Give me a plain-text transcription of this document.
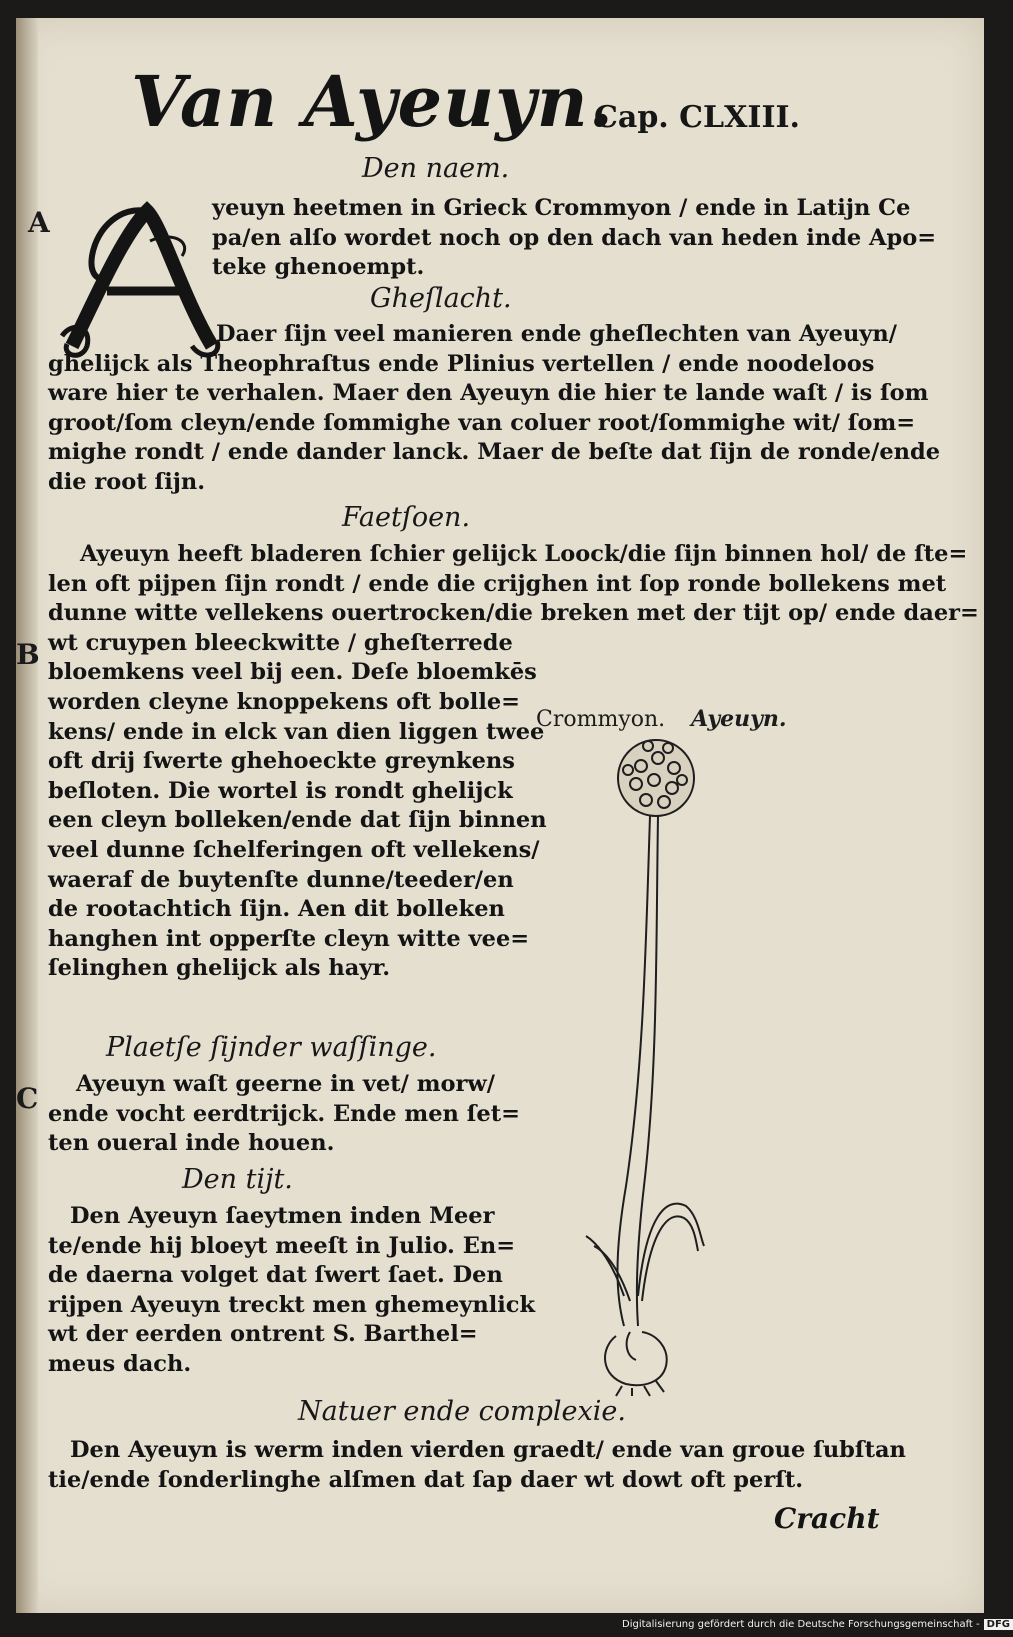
Van Ayeuyn.
Cap. CLXIII.
A
B
C
Den naem.
yeuyn heetmen in Grieck Crommyon / ende in Latijn Ce
pa/en alſo wordet noch op den dach van heden inde Apo=
teke ghenoempt.
Gheſlacht.
Daer ſijn veel manieren ende gheſlechten van Ayeuyn/
ghelijck als Theophraſtus ende Plinius vertellen / ende noodeloos
ware hier te verhalen. Maer den Ayeuyn die hier te lande waſt / is ſom
groot/ſom cleyn/ende ſommighe van coluer root/ſommighe wit/ ſom=
mighe rondt / ende dander lanck. Maer de beſte dat ſijn de ronde/ende
die root ſijn.
Faetſoen.
Ayeuyn heeft bladeren ſchier gelijck Loock/die ſijn binnen hol/ de ſte=
len oft pijpen ſijn rondt / ende die crijghen int ſop ronde bollekens met
dunne witte vellekens ouertrocken/die breken met der tijt op/ ende daer=
wt cruypen bleeckwitte / gheſterrede
bloemkens veel bij een. Deſe bloemkēs
worden cleyne knoppekens oft bolle=
kens/ ende in elck van dien liggen twee
oft drij ſwerte ghehoeckte greynkens
beſloten. Die wortel is rondt ghelijck
een cleyn bolleken/ende dat ſijn binnen
veel dunne ſchelferingen oft vellekens/
waeraf de buytenſte dunne/teeder/en
de rootachtich ſijn. Aen dit bolleken
hanghen int opperſte cleyn witte vee=
ſelinghen ghelijck als hayr.
Plaetſe ſijnder waſſinge.
Ayeuyn waſt geerne in vet/ morw/
ende vocht eerdtrijck. Ende men ſet=
ten oueral inde houen.
Den tijt.
Den Ayeuyn ſaeytmen inden Meer
te/ende hij bloeyt meeſt in Julio. En=
de daerna volget dat ſwert ſaet. Den
rijpen Ayeuyn treckt men ghemeynlick
wt der eerden ontrent S. Barthel=
meus dach.
Natuer ende complexie.
Den Ayeuyn is werm inden vierden graedt/ ende van groue ſubſtan
tie/ende ſonderlinghe alſmen dat ſap daer wt dowt oft perſt.
Crommyon. Ayeuyn.
Cracht
Digitalisierung gefördert durch die Deutsche Forschungsgemeinschaft - DFG
